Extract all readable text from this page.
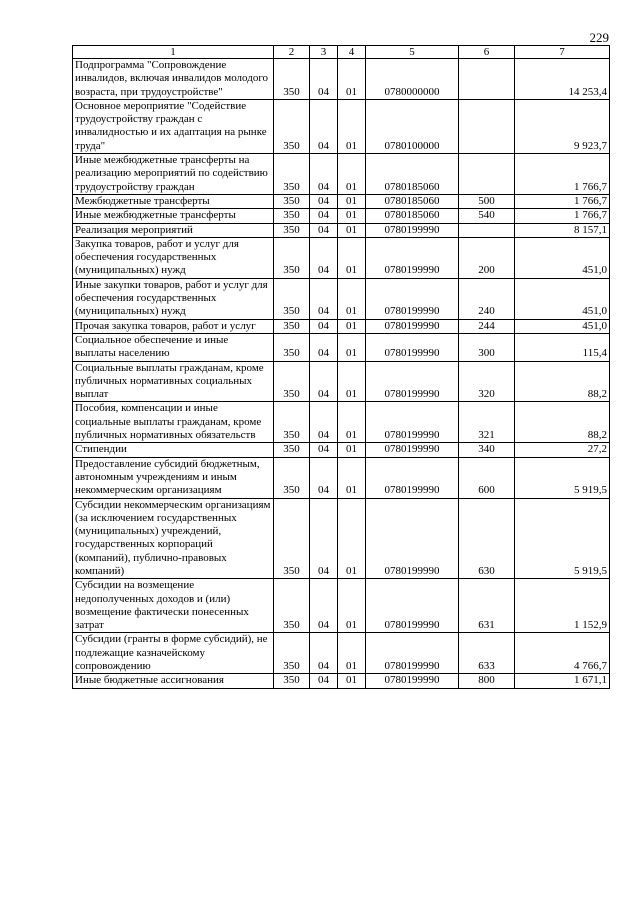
229
1	2	3	4	5	6	7
Подпрограмма "Сопровождение инвалидов, включая инвалидов молодого возраста, при трудоустройстве"	350	04	01	0780000000		14 253,4
Основное мероприятие "Содействие трудоустройству граждан с инвалидностью и их адаптация на рынке труда"	350	04	01	0780100000		9 923,7
Иные межбюджетные трансферты на реализацию мероприятий по содействию трудоустройству граждан	350	04	01	0780185060		1 766,7
Межбюджетные трансферты	350	04	01	0780185060	500	1 766,7
Иные межбюджетные трансферты	350	04	01	0780185060	540	1 766,7
Реализация мероприятий	350	04	01	0780199990		8 157,1
Закупка товаров, работ и услуг для обеспечения государственных (муниципальных) нужд	350	04	01	0780199990	200	451,0
Иные закупки товаров, работ и услуг для обеспечения государственных (муниципальных) нужд	350	04	01	0780199990	240	451,0
Прочая закупка товаров, работ и услуг	350	04	01	0780199990	244	451,0
Социальное обеспечение и иные выплаты населению	350	04	01	0780199990	300	115,4
Социальные выплаты гражданам, кроме публичных нормативных социальных выплат	350	04	01	0780199990	320	88,2
Пособия, компенсации и иные социальные выплаты гражданам, кроме публичных нормативных обязательств	350	04	01	0780199990	321	88,2
Стипендии	350	04	01	0780199990	340	27,2
Предоставление субсидий бюджетным, автономным учреждениям и иным некоммерческим организациям	350	04	01	0780199990	600	5 919,5
Субсидии некоммерческим организациям (за исключением государственных (муниципальных) учреждений, государственных корпораций (компаний), публично-правовых компаний)	350	04	01	0780199990	630	5 919,5
Субсидии на возмещение недополученных доходов и (или) возмещение фактически понесенных затрат	350	04	01	0780199990	631	1 152,9
Субсидии (гранты в форме субсидий), не подлежащие казначейскому сопровождению	350	04	01	0780199990	633	4 766,7
Иные бюджетные ассигнования	350	04	01	0780199990	800	1 671,1
